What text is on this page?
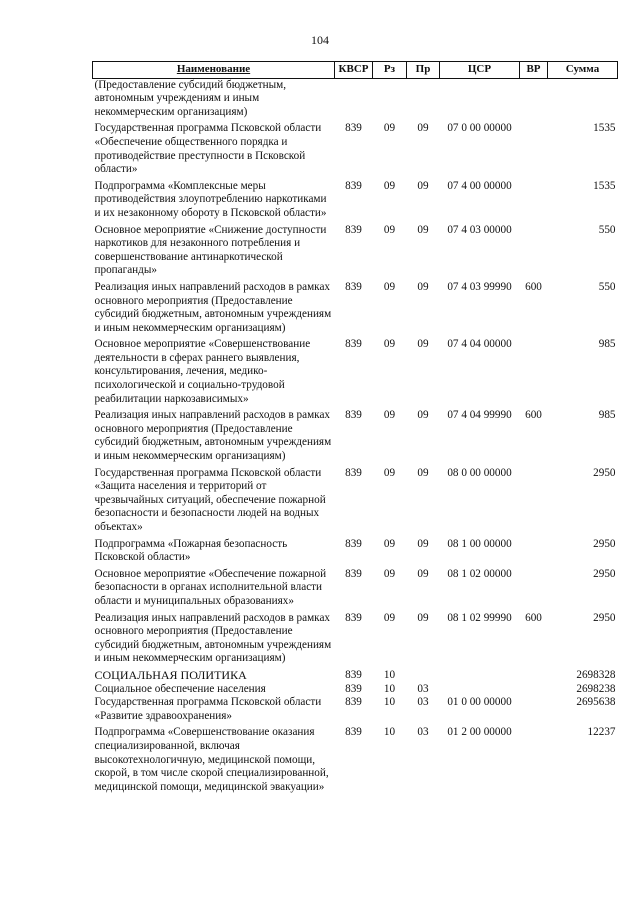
104
Наименование	КВСР	Рз	Пр	ЦСР	ВР	Сумма
(Предоставление субсидий бюджетным, автономным учреждениям и иным некоммерческим организациям)						
Государственная программа Псковской области «Обеспечение общественного порядка и противодействие преступности в Псковской области»	839	09	09	07 0 00 00000		1535
Подпрограмма «Комплексные меры противодействия злоупотреблению наркотиками и их незаконному обороту в Псковской области»	839	09	09	07 4 00 00000		1535
Основное мероприятие «Снижение доступности наркотиков для незаконного потребления и совершенствование антинаркотической пропаганды»	839	09	09	07 4 03 00000		550
Реализация иных направлений расходов в рамках основного мероприятия (Предоставление субсидий бюджетным, автономным учреждениям и иным некоммерческим организациям)	839	09	09	07 4 03 99990	600	550
Основное мероприятие «Совершенствование деятельности в сферах раннего выявления, консультирования, лечения, медико-психологической и социально-трудовой реабилитации наркозависимых»	839	09	09	07 4 04 00000		985
Реализация иных направлений расходов в рамках основного мероприятия (Предоставление субсидий бюджетным, автономным учреждениям и иным некоммерческим организациям)	839	09	09	07 4 04 99990	600	985
Государственная программа Псковской области «Защита населения и территорий от чрезвычайных ситуаций, обеспечение пожарной безопасности и безопасности людей на водных объектах»	839	09	09	08 0 00 00000		2950
Подпрограмма «Пожарная безопасность Псковской области»	839	09	09	08 1 00 00000		2950
Основное мероприятие «Обеспечение пожарной безопасности в органах исполнительной власти области и муниципальных образованиях»	839	09	09	08 1 02 00000		2950
Реализация иных направлений расходов в рамках основного мероприятия (Предоставление субсидий бюджетным, автономным учреждениям и иным некоммерческим организациям)	839	09	09	08 1 02 99990	600	2950
СОЦИАЛЬНАЯ ПОЛИТИКА	839	10				2698328
Социальное обеспечение населения	839	10	03			2698238
Государственная программа Псковской области «Развитие здравоохранения»	839	10	03	01 0 00 00000		2695638
Подпрограмма «Совершенствование оказания специализированной, включая высокотехнологичную, медицинской помощи, скорой, в том числе скорой специализированной, медицинской помощи, медицинской эвакуации»	839	10	03	01 2 00 00000		12237
